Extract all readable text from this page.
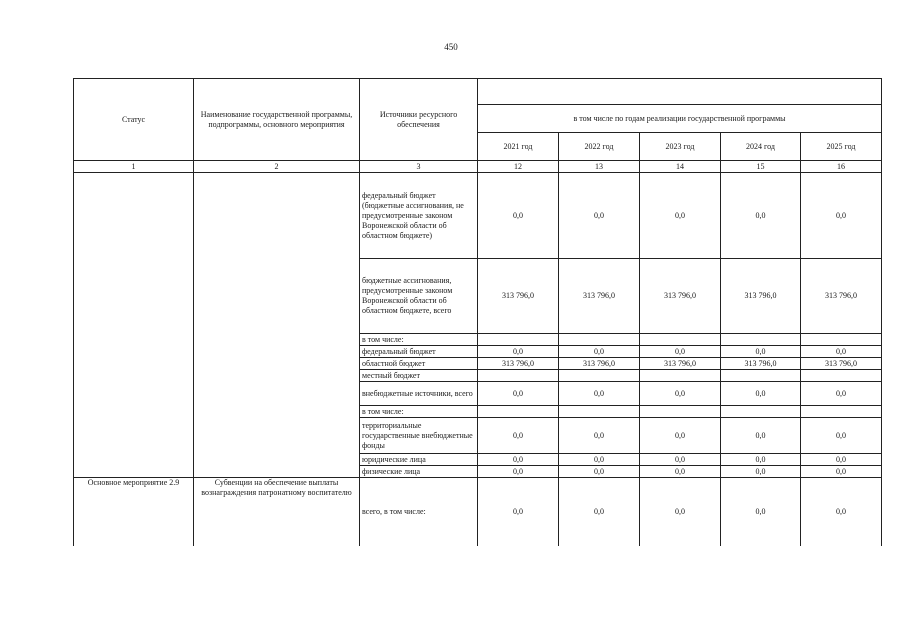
450
Статус	Наименование государственной программы, подпрограммы, основного мероприятия	Источники ресурсного обеспечения					
			в том числе по годам реализации государственной программы				
			2021 год	2022 год	2023 год	2024 год	2025 год
1	2	3	12	13	14	15	16
		федеральный бюджет (бюджетные ассигнования, не предусмотренные законом Воронежской области об областном бюджете)	0,0	0,0	0,0	0,0	0,0
		бюджетные ассигнования, предусмотренные законом Воронежской области об областном бюджете, всего	313 796,0	313 796,0	313 796,0	313 796,0	313 796,0
		в том числе:					
		федеральный бюджет	0,0	0,0	0,0	0,0	0,0
		областной бюджет	313 796,0	313 796,0	313 796,0	313 796,0	313 796,0
		местный бюджет					
		внебюджетные источники, всего	0,0	0,0	0,0	0,0	0,0
		в том числе:					
		территориальные государственные внебюджетные фонды	0,0	0,0	0,0	0,0	0,0
		юридические лица	0,0	0,0	0,0	0,0	0,0
		физические лица	0,0	0,0	0,0	0,0	0,0
Основное мероприятие 2.9	Субвенции на обеспечение выплаты вознаграждения патронатному воспитателю	всего, в том числе:	0,0	0,0	0,0	0,0	0,0
